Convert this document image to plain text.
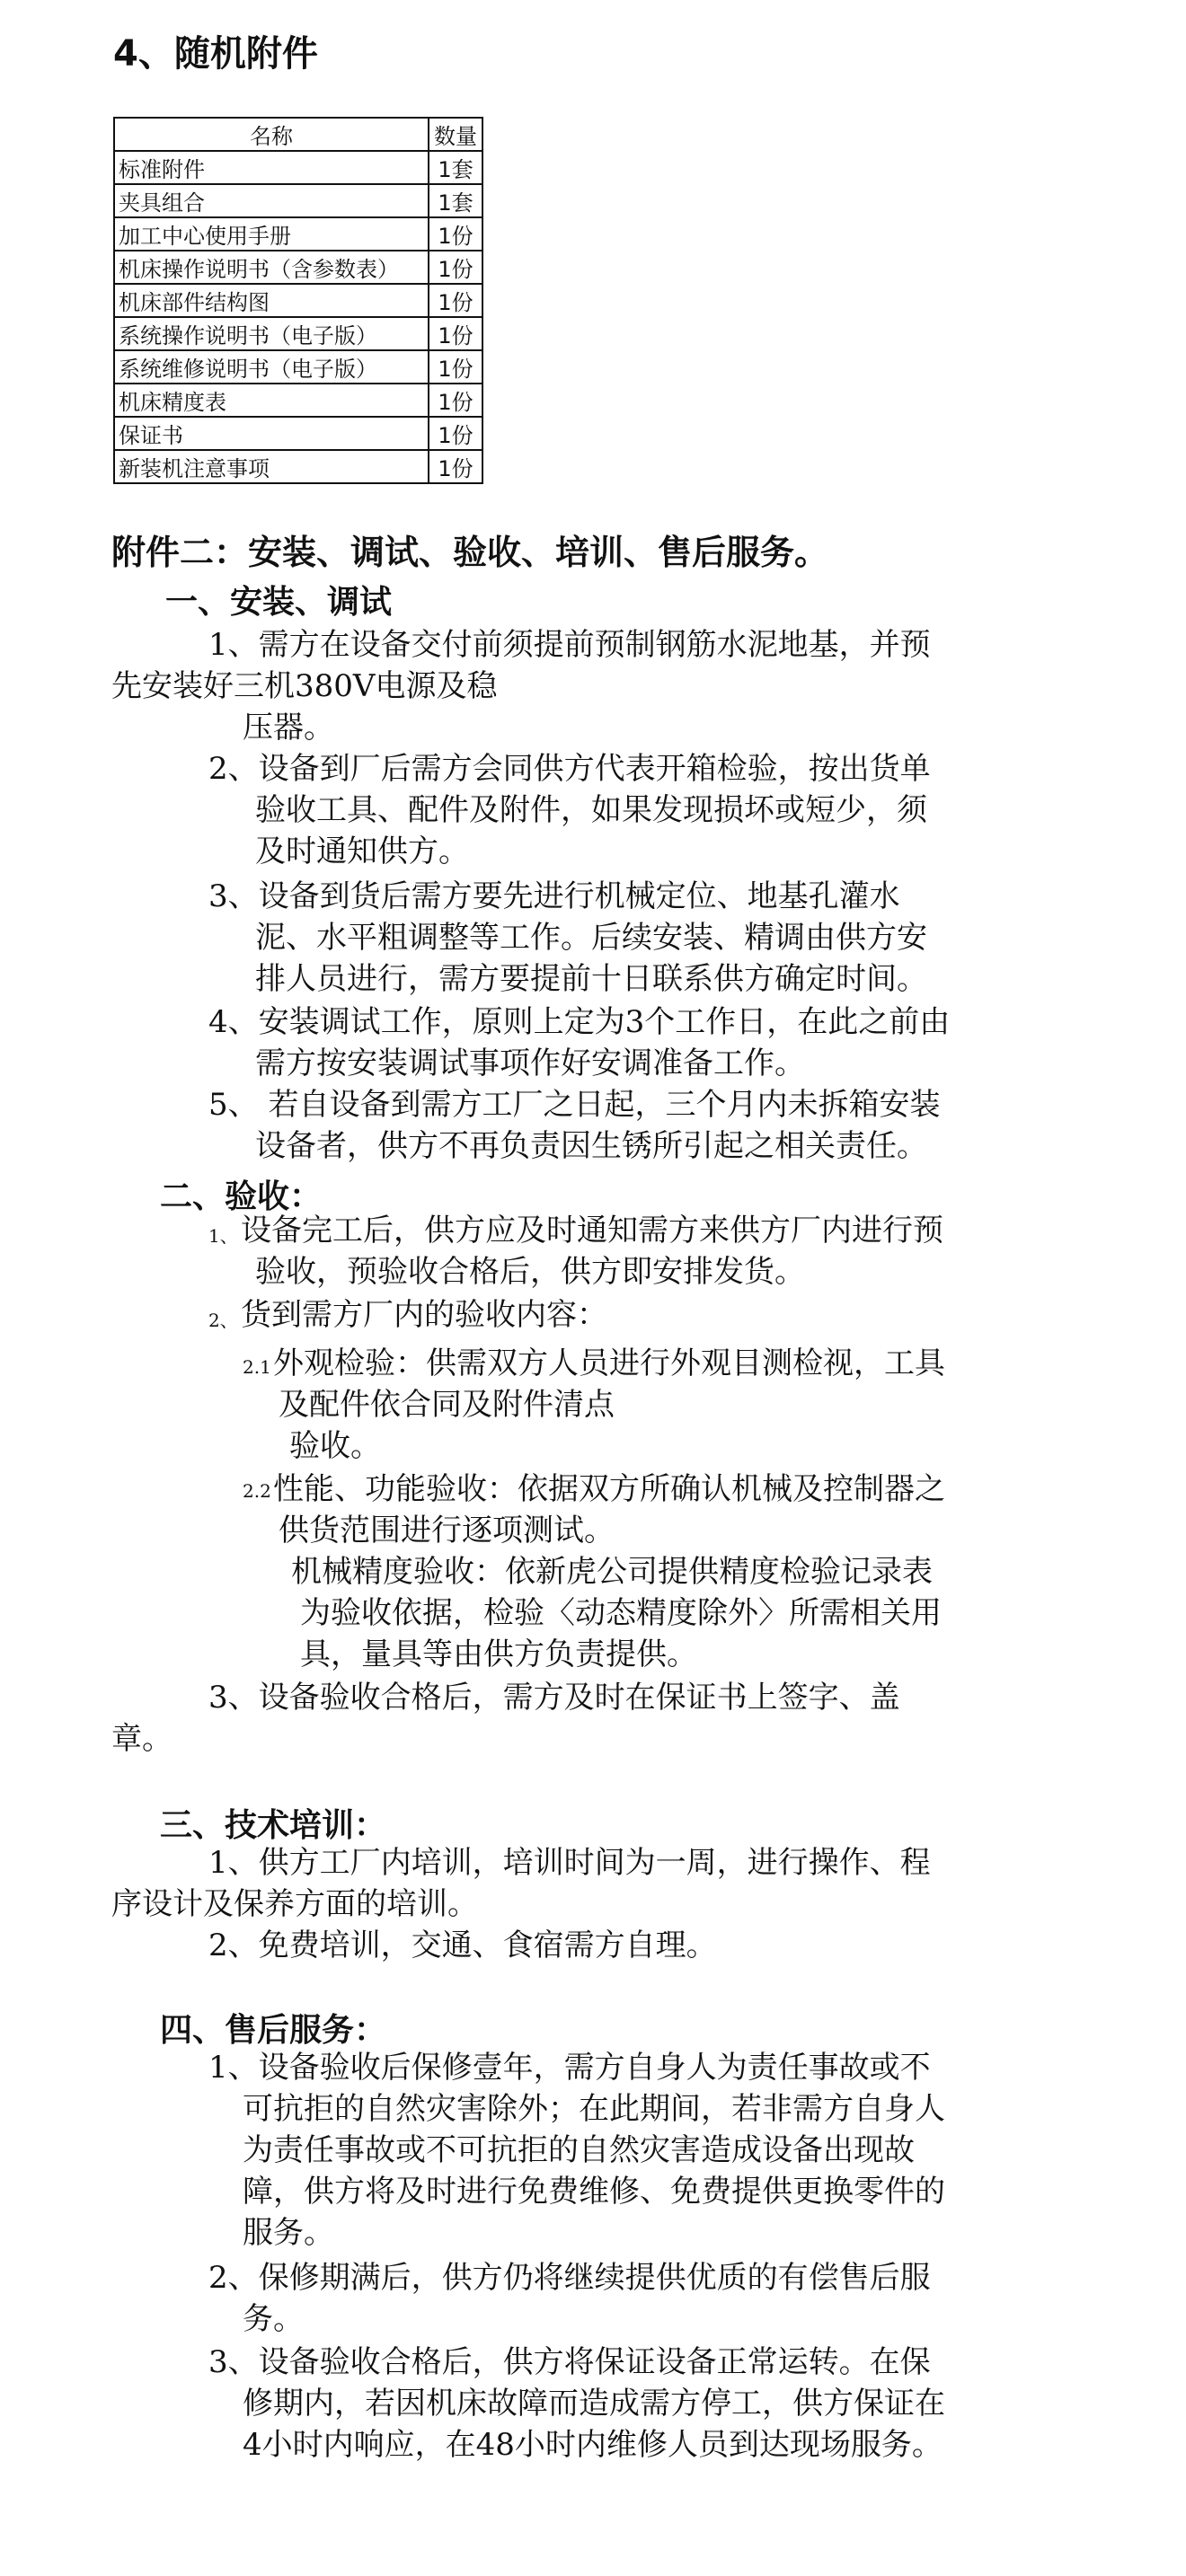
4、随机附件
名称	数量
标准附件	1套
夹具组合	1套
加工中心使用手册	1份
机床操作说明书（含参数表）	1份
机床部件结构图	1份
系统操作说明书（电子版）	1份
系统维修说明书（电子版）	1份
机床精度表	1份
保证书	1份
新装机注意事项	1份
附件二：安装、调试、验收、培训、售后服务。
一、安装、调试
1、需方在设备交付前须提前预制钢筋水泥地基，并预
先安装好三机380V电源及稳
压器。
2、设备到厂后需方会同供方代表开箱检验，按出货单
验收工具、配件及附件，如果发现损坏或短少，须
及时通知供方。
3、设备到货后需方要先进行机械定位、地基孔灌水
泥、水平粗调整等工作。后续安装、精调由供方安
排人员进行，需方要提前十日联系供方确定时间。
4、安装调试工作，原则上定为3个工作日，在此之前由
需方按安装调试事项作好安调准备工作。
5、 若自设备到需方工厂之日起，三个月内未拆箱安装
设备者，供方不再负责因生锈所引起之相关责任。
二、验收：
1、 设备完工后，供方应及时通知需方来供方厂内进行预
验收，预验收合格后，供方即安排发货。
2、 货到需方厂内的验收内容：
2.1 外观检验：供需双方人员进行外观目测检视，工具
及配件依合同及附件清点
验收。
2.2 性能、功能验收：依据双方所确认机械及控制器之
供货范围进行逐项测试。
机械精度验收：依新虎公司提供精度检验记录表
为验收依据，检验〈动态精度除外〉所需相关用
具，量具等由供方负责提供。
3、设备验收合格后，需方及时在保证书上签字、盖
章。
三、技术培训：
1、供方工厂内培训，培训时间为一周，进行操作、程
序设计及保养方面的培训。
2、免费培训，交通、食宿需方自理。
四、售后服务：
1、设备验收后保修壹年，需方自身人为责任事故或不
可抗拒的自然灾害除外；在此期间，若非需方自身人
为责任事故或不可抗拒的自然灾害造成设备出现故
障，供方将及时进行免费维修、免费提供更换零件的
服务。
2、保修期满后，供方仍将继续提供优质的有偿售后服
务。
3、设备验收合格后，供方将保证设备正常运转。在保
修期内，若因机床故障而造成需方停工，供方保证在
4小时内响应，在48小时内维修人员到达现场服务。
